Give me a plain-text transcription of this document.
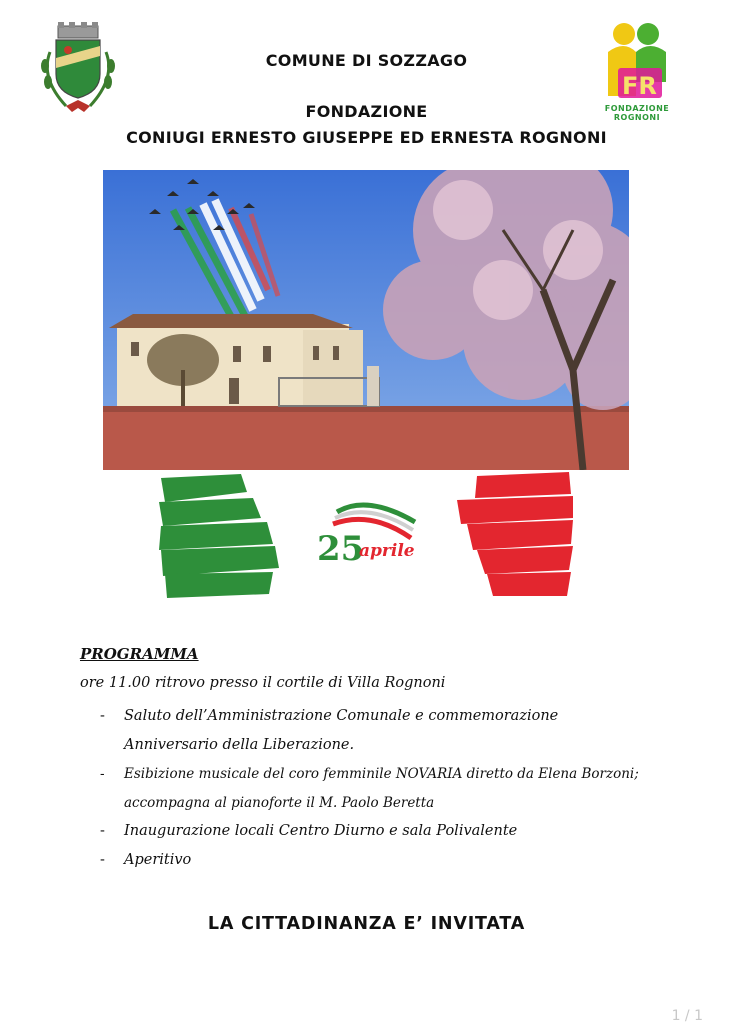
FR
FONDAZIONE
ROGNONI
COMUNE DI SOZZAGO
FONDAZIONE
CONIUGI ERNESTO GIUSEPPE ED ERNESTA ROGNONI
25
aprile
PROGRAMMA
ore 11.00 ritrovo presso il cortile di Villa Rognoni
- Saluto dell’Amministrazione Comunale e commemorazione
Anniversario della Liberazione.
- Esibizione musicale del coro femminile NOVARIA diretto da Elena Borzoni;
accompagna al pianoforte il M. Paolo Beretta
- Inaugurazione locali Centro Diurno e sala Polivalente
- Aperitivo
LA CITTADINANZA E’ INVITATA
1 / 1
